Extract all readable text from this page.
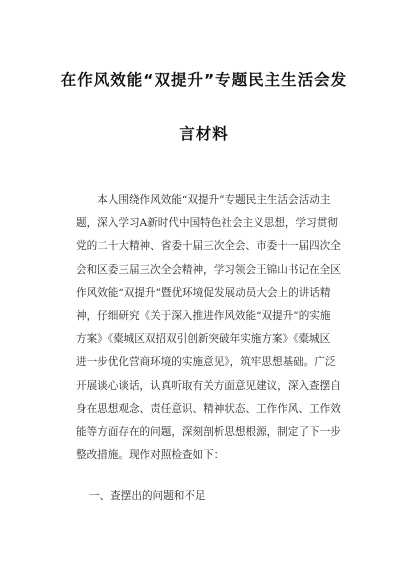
在作风效能“双提升”专题民主生活会发
言材料
　　本人围绕作风效能“双提升”专题民主生活会活动主
题，深入学习A新时代中国特色社会主义思想，学习贯彻
党的二十大精神、省委十届三次全会、市委十一届四次全
会和区委三届三次全会精神，学习领会王锦山书记在全区
作风效能“双提升”暨优环境促发展动员大会上的讲话精
神，仔细研究《关于深入推进作风效能“双提升”的实施
方案》《橐城区双招双引创新突破年实施方案》《橐城区
进一步优化营商环境的实施意见》，筑牢思想基础。广泛
开展谈心谈话，认真听取有关方面意见建议，深入查摆自
身在思想观念、责任意识、精神状态、工作作风、工作效
能等方面存在的问题，深刻剖析思想根源，制定了下一步
整改措施。现作对照检查如下：
一、查摆出的问题和不足
